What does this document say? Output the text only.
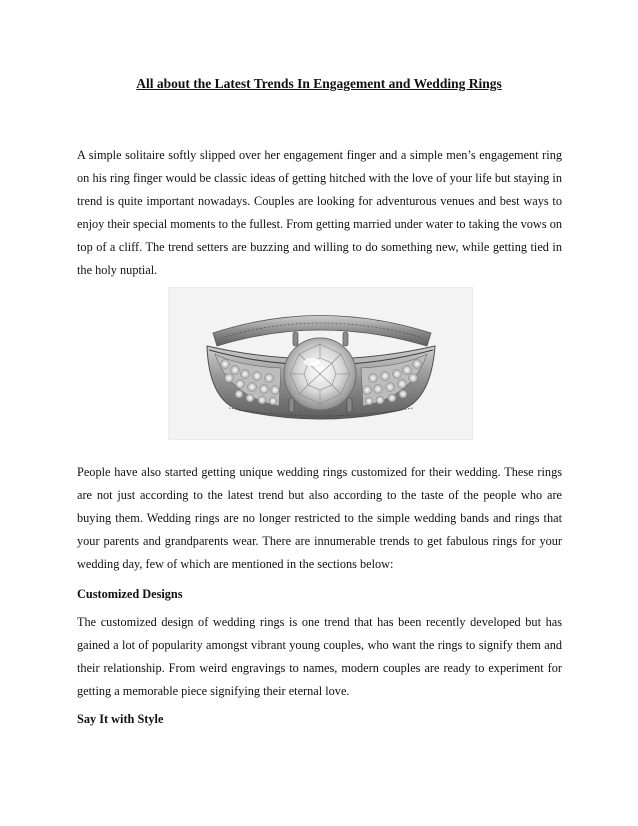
All about the Latest Trends In Engagement and Wedding Rings

A simple solitaire softly slipped over her engagement finger and a simple men’s engagement ring on his ring finger would be classic ideas of getting hitched with the love of your life but staying in trend is quite important nowadays. Couples are looking for adventurous venues and best ways to enjoy their special moments to the fullest. From getting married under water to taking the vows on top of a cliff. The trend setters are buzzing and willing to do something new, while getting tied in the holy nuptial.

People have also started getting unique wedding rings customized for their wedding. These rings are not just according to the latest trend but also according to the taste of the people who are buying them. Wedding rings are no longer restricted to the simple wedding bands and rings that your parents and grandparents wear. There are innumerable trends to get fabulous rings for your wedding day, few of which are mentioned in the sections below:

Customized Designs

The customized design of wedding rings is one trend that has been recently developed but has gained a lot of popularity amongst vibrant young couples, who want the rings to signify them and their relationship. From weird engravings to names, modern couples are ready to experiment for getting a memorable piece signifying their eternal love.

Say It with Style
